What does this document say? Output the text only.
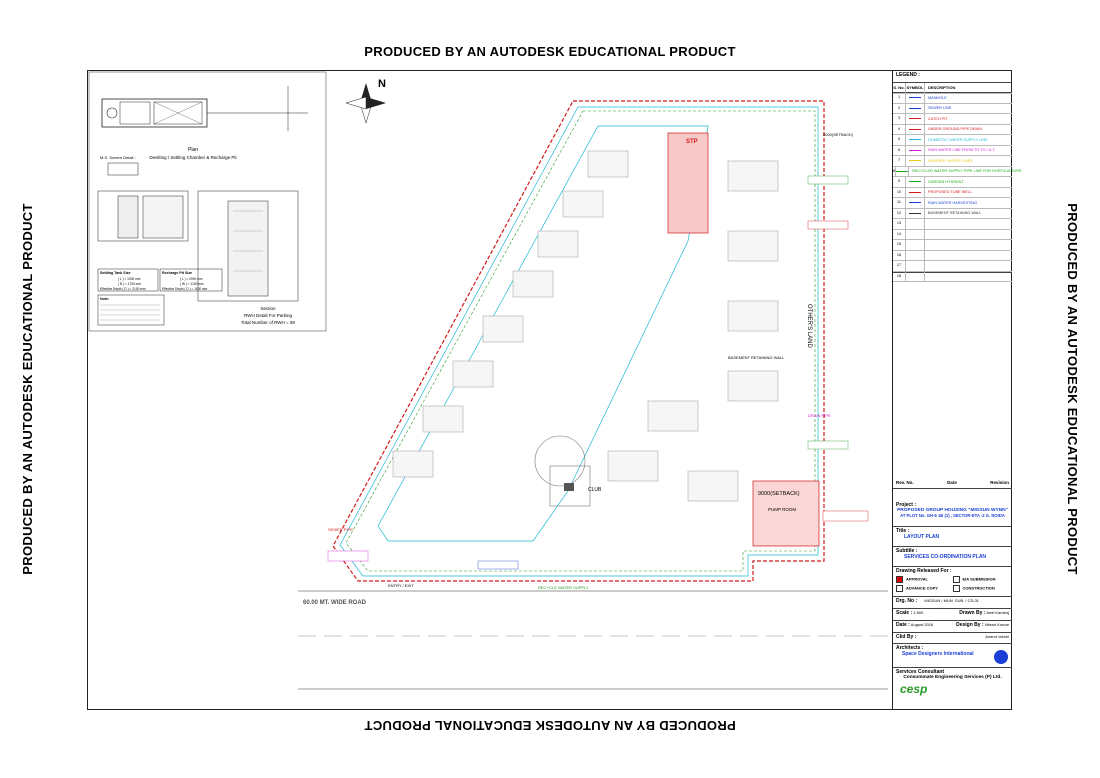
PRODUCED BY AN AUTODESK EDUCATIONAL PRODUCT
PRODUCED BY AN AUTODESK EDUCATIONAL PRODUCT
PRODUCED BY AN AUTODESK EDUCATIONAL PRODUCT	PRODUCED BY AN AUTODESK EDUCATIONAL PRODUCT
Plan
Desilting / Settling Chamber & Recharge Pit
M.S. Screen Detail :
Section
RWH Detail For Parking
Total Number of RWH = 08
Settling Tank Size
( L ) = 1000 mm
( B ) = 1750 mm
Effective Depth ( D ) = 2100 mm
Recharge Pit Size
( L ) = 2000 mm
( W ) = 1100 mm
Effective Depth ( D ) = 1100 mm
Note:
N
STP
PUMP ROOM
CLUB
OTHER'S LAND
9000(SETBACK)
6000(SETBACK)
RECYCLE WATER SUPPLY
SEWER PIPE
DRAIN PIPE
BASEMENT RETAINING WALL
ENTRY / EXIT
60.00 MT. WIDE ROAD
LEGEND :
S. No. SYMBOL	DESCRIPTION
1	MANHOLE
2	SEWER LINE
3	CATCH PIT
4	UNDER GROUND PIPE DRAIN
5	DOMESTIC WATER SUPPLY LINE
6	RAIN WATER LINE FROM TO TO / U.T.
7	SANITARY WATER LINES
8	RECYCLED WATER SUPPLY PIPE LINE FOR HORTICULTURE
9	GARDEN HYDRANT
10	PROPOSED TUBE WELL
11	RAIN WATER HARVESTING
12	BASEMENT RETAINING WALL
13
14
15
16
17
18
Rev. No.	Date	Revision
Project :
PROPOSED GROUP HOUSING "MIGSUN WYNN"
AT PLOT No. GH-6 1B (1) , SECTOR-ETA -2 G. NOIDA
Title :
LAYOUT PLAN
Subtitle :
SERVICES CO-ORDINATION PLAN
Drawing Released For :
APPROVAL	EIA SUBMISSION
ADVANCE COPY	CONSTRUCTION
Drg. No : MIGSUN / MUN. SUB. / CS-01
Scale : 1:500	Drawn By : Amit Kamboj
Date : August 2016	Design By : Nitesh Kumar
Ckd By :	Anand Varshi
Architects :
Space Designers International
Services Consultant
Consummate Engineering Services (P) Ltd.
cesp
